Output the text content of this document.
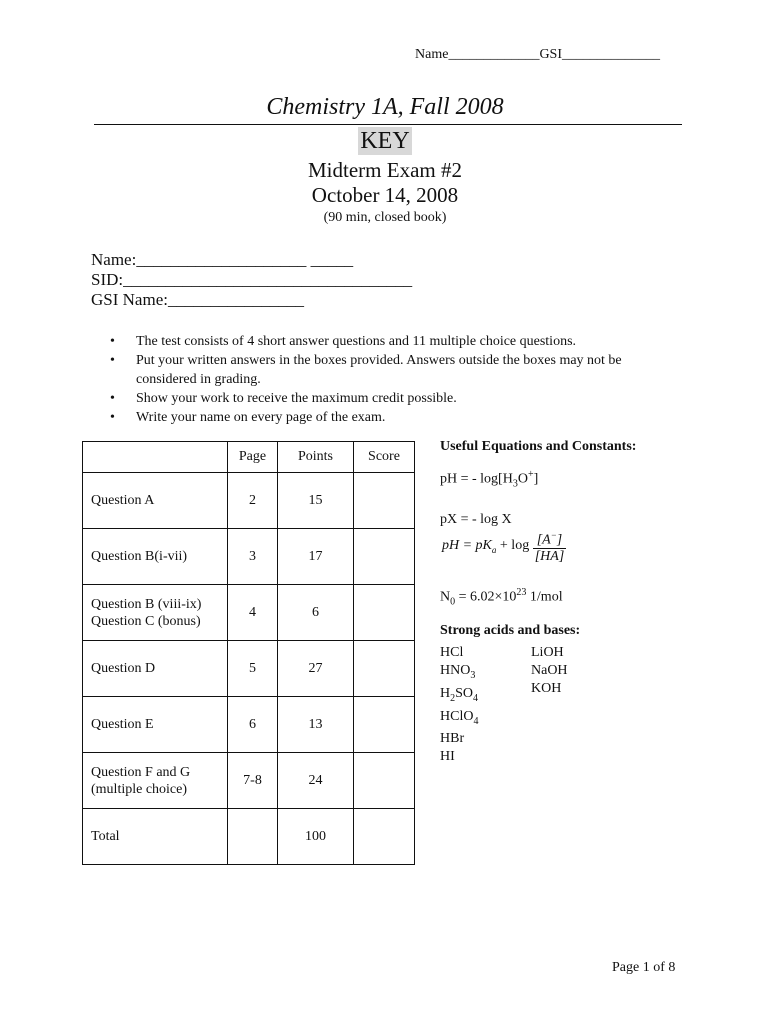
Name_____________GSI______________
Chemistry 1A, Fall 2008
KEY
Midterm Exam #2
October 14, 2008
(90 min, closed book)
Name:____________________ _____
SID:__________________________________
GSI Name:________________
• The test consists of 4 short answer questions and 11 multiple choice questions.
• Put your written answers in the boxes provided. Answers outside the boxes may not be considered in grading.
• Show your work to receive the maximum credit possible.
• Write your name on every page of the exam.
	Page	Points	Score
Question A	2	15	
Question B(i-vii)	3	17	

Question B (viii-ix)
Question C (bonus)	4	6	
Question D	5	27	
Question E	6	13	

Question F and G
(multiple choice)	7-8	24	
Total		100	
Useful Equations and Constants:
pH = - $\log[H_3O^+]$
pX = - log X
pH = $pK_a + \log \frac{[A^-]}{[HA]}$
$N_0 = 6.02\times 10^{23}$ 1/mol
Strong acids and bases:
HCl
$HNO_3$
$H_2SO_4$
HClO$_4$
HBr
HI
LiOH
NaOH
KOH
Page 1 of 8
